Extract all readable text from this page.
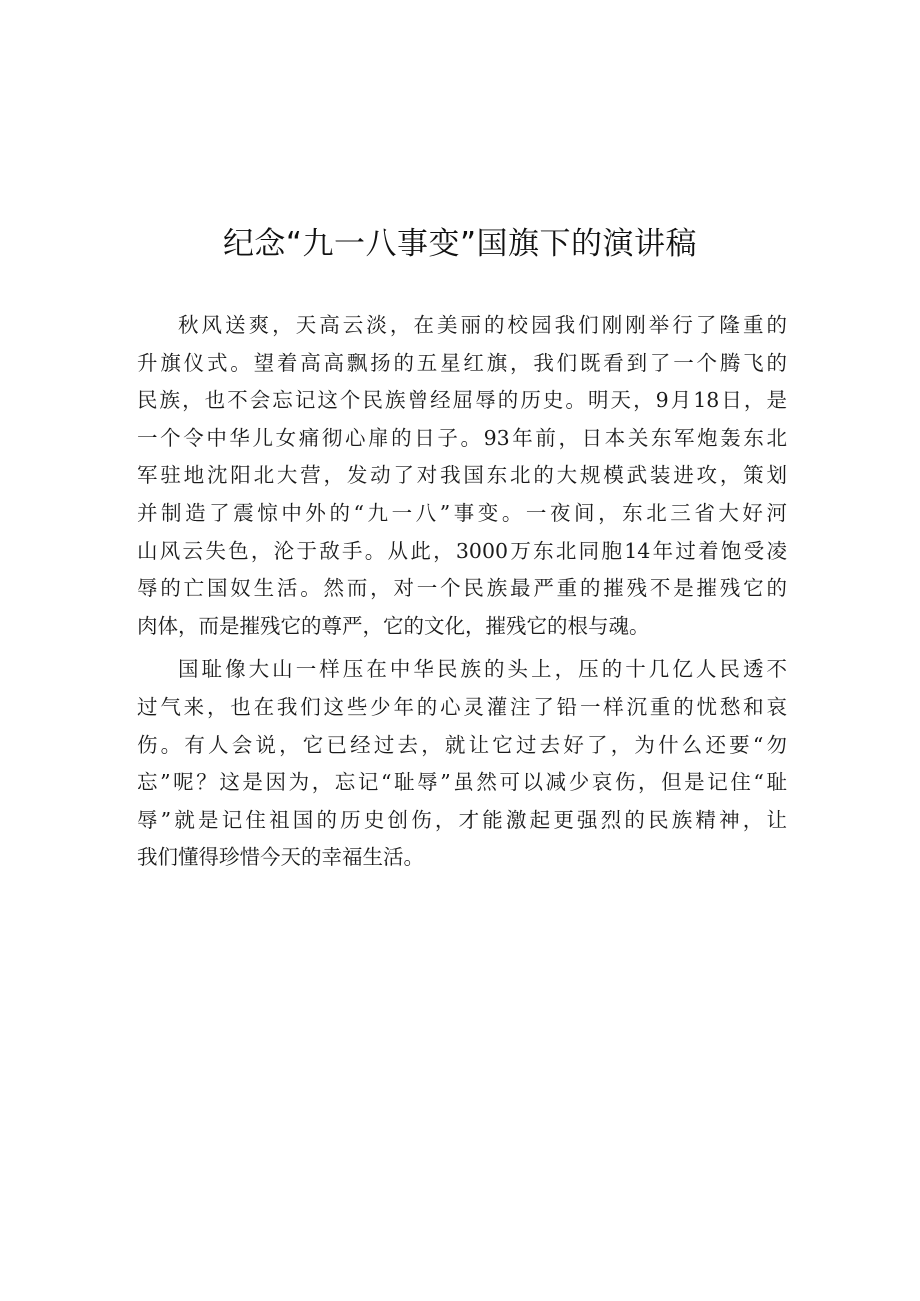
纪念“九一八事变”国旗下的演讲稿

秋风送爽，天高云淡，在美丽的校园我们刚刚举行了隆重的
升旗仪式。望着高高飘扬的五星红旗，我们既看到了一个腾飞的
民族，也不会忘记这个民族曾经屈辱的历史。明天，9月18日，是
一个令中华儿女痛彻心扉的日子。93年前，日本关东军炮轰东北
军驻地沈阳北大营，发动了对我国东北的大规模武装进攻，策划
并制造了震惊中外的“九一八”事变。一夜间，东北三省大好河
山风云失色，沦于敌手。从此，3000万东北同胞14年过着饱受凌
辱的亡国奴生活。然而，对一个民族最严重的摧残不是摧残它的
肉体，而是摧残它的尊严，它的文化，摧残它的根与魂。

国耻像大山一样压在中华民族的头上，压的十几亿人民透不
过气来，也在我们这些少年的心灵灌注了铅一样沉重的忧愁和哀
伤。有人会说，它已经过去，就让它过去好了，为什么还要“勿
忘”呢？这是因为，忘记“耻辱”虽然可以减少哀伤，但是记住“耻
辱”就是记住祖国的历史创伤，才能激起更强烈的民族精神，让
我们懂得珍惜今天的幸福生活。
